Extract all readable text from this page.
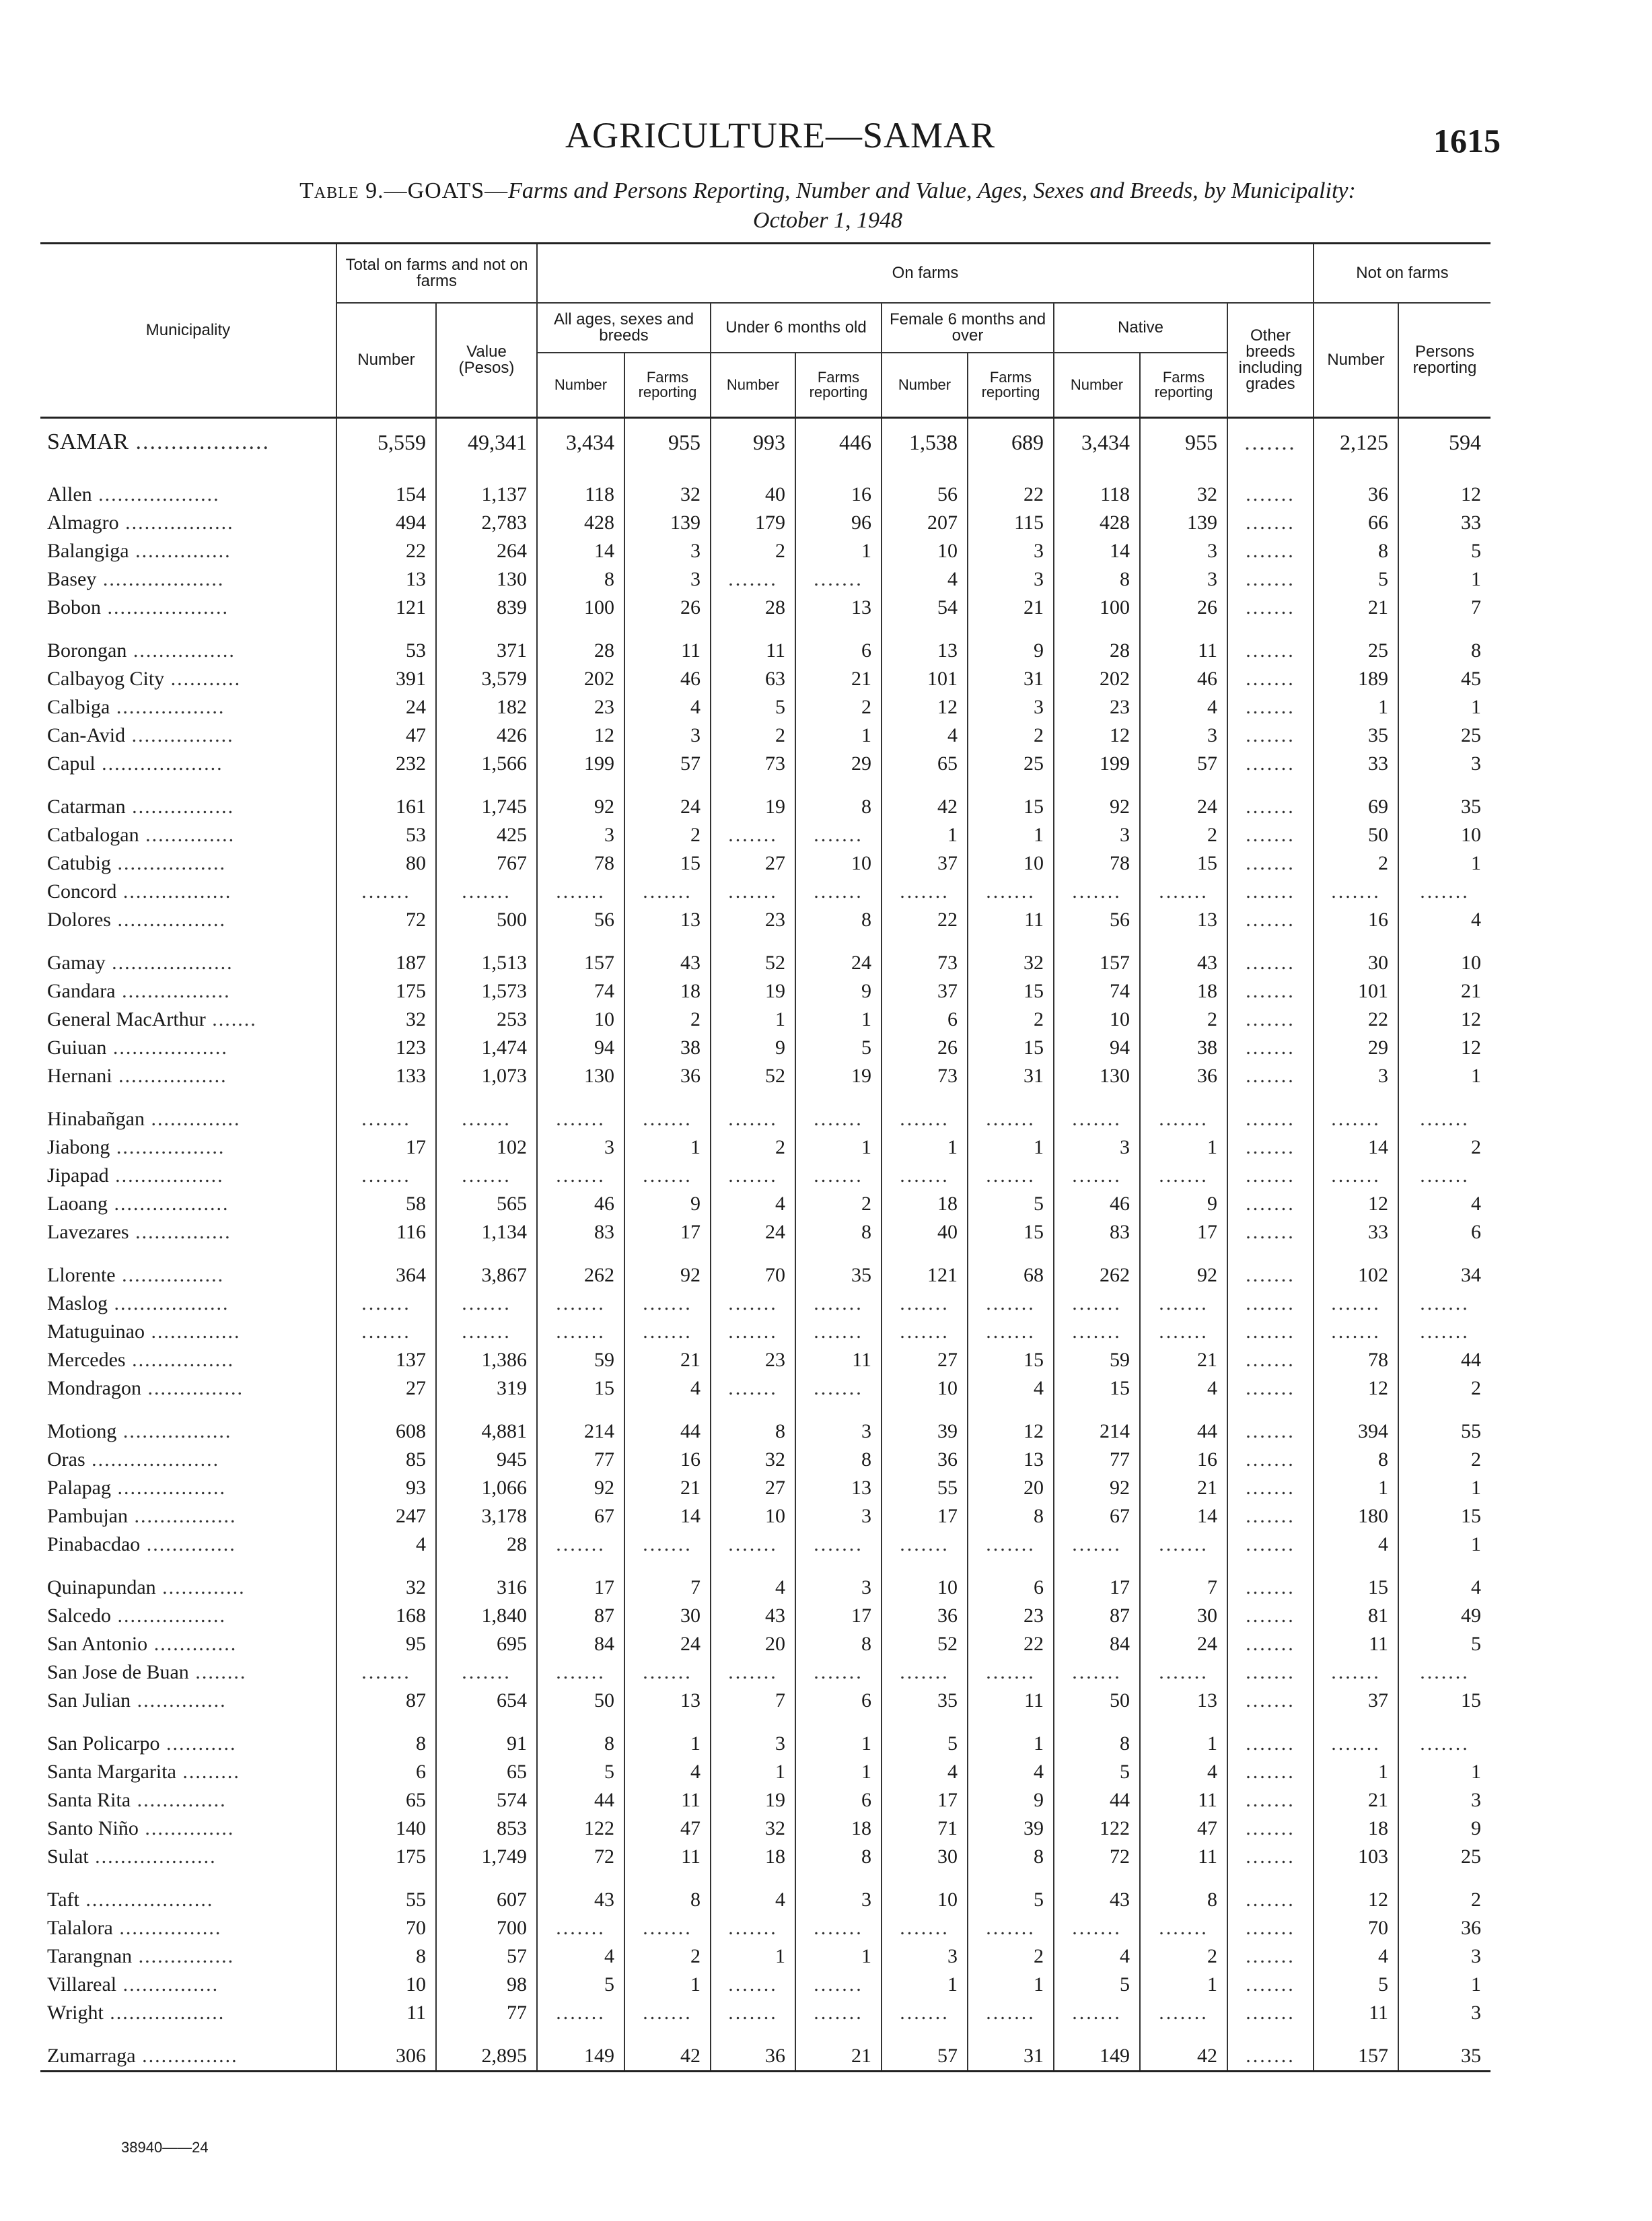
AGRICULTURE—SAMAR	1615
Table 9.—GOATS—Farms and Persons Reporting, Number and Value, Ages, Sexes and Breeds, by Municipality:
October 1, 1948
Municipality	Total on farms and not on farms		On farms									Not on farms	
	Number	Value (Pesos)	All ages, sexes and breeds		Under 6 months old		Female 6 months and over		Native		Other breeds including grades	Number	Persons reporting
			Number	Farms reporting	Number	Farms reporting	Number	Farms reporting	Number	Farms reporting			
SAMAR ...................	5,559	49,341	3,434	955	993	446	1,538	689	3,434	955	.......	2,125	594

Allen ...................	154	1,137	118	32	40	16	56	22	118	32	.......	36	12
Almagro .................	494	2,783	428	139	179	96	207	115	428	139	.......	66	33
Balangiga ...............	22	264	14	3	2	1	10	3	14	3	.......	8	5
Basey ...................	13	130	8	3	.......	.......	4	3	8	3	.......	5	1
Bobon ...................	121	839	100	26	28	13	54	21	100	26	.......	21	7

Borongan ................	53	371	28	11	11	6	13	9	28	11	.......	25	8
Calbayog City ...........	391	3,579	202	46	63	21	101	31	202	46	.......	189	45
Calbiga .................	24	182	23	4	5	2	12	3	23	4	.......	1	1
Can-Avid ................	47	426	12	3	2	1	4	2	12	3	.......	35	25
Capul ...................	232	1,566	199	57	73	29	65	25	199	57	.......	33	3

Catarman ................	161	1,745	92	24	19	8	42	15	92	24	.......	69	35
Catbalogan ..............	53	425	3	2	.......	.......	1	1	3	2	.......	50	10
Catubig .................	80	767	78	15	27	10	37	10	78	15	.......	2	1
Concord .................	.......	.......	.......	.......	.......	.......	.......	.......	.......	.......	.......	.......	.......
Dolores .................	72	500	56	13	23	8	22	11	56	13	.......	16	4

Gamay ...................	187	1,513	157	43	52	24	73	32	157	43	.......	30	10
Gandara .................	175	1,573	74	18	19	9	37	15	74	18	.......	101	21
General MacArthur .......	32	253	10	2	1	1	6	2	10	2	.......	22	12
Guiuan ..................	123	1,474	94	38	9	5	26	15	94	38	.......	29	12
Hernani .................	133	1,073	130	36	52	19	73	31	130	36	.......	3	1

Hinabañgan ..............	.......	.......	.......	.......	.......	.......	.......	.......	.......	.......	.......	.......	.......
Jiabong .................	17	102	3	1	2	1	1	1	3	1	.......	14	2
Jipapad .................	.......	.......	.......	.......	.......	.......	.......	.......	.......	.......	.......	.......	.......
Laoang ..................	58	565	46	9	4	2	18	5	46	9	.......	12	4
Lavezares ...............	116	1,134	83	17	24	8	40	15	83	17	.......	33	6

Llorente ................	364	3,867	262	92	70	35	121	68	262	92	.......	102	34
Maslog ..................	.......	.......	.......	.......	.......	.......	.......	.......	.......	.......	.......	.......	.......
Matuguinao ..............	.......	.......	.......	.......	.......	.......	.......	.......	.......	.......	.......	.......	.......
Mercedes ................	137	1,386	59	21	23	11	27	15	59	21	.......	78	44
Mondragon ...............	27	319	15	4	.......	.......	10	4	15	4	.......	12	2

Motiong .................	608	4,881	214	44	8	3	39	12	214	44	.......	394	55
Oras ....................	85	945	77	16	32	8	36	13	77	16	.......	8	2
Palapag .................	93	1,066	92	21	27	13	55	20	92	21	.......	1	1
Pambujan ................	247	3,178	67	14	10	3	17	8	67	14	.......	180	15
Pinabacdao ..............	4	28	.......	.......	.......	.......	.......	.......	.......	.......	.......	4	1

Quinapundan .............	32	316	17	7	4	3	10	6	17	7	.......	15	4
Salcedo .................	168	1,840	87	30	43	17	36	23	87	30	.......	81	49
San Antonio .............	95	695	84	24	20	8	52	22	84	24	.......	11	5
San Jose de Buan ........	.......	.......	.......	.......	.......	.......	.......	.......	.......	.......	.......	.......	.......
San Julian ..............	87	654	50	13	7	6	35	11	50	13	.......	37	15

San Policarpo ...........	8	91	8	1	3	1	5	1	8	1	.......	.......	.......
Santa Margarita .........	6	65	5	4	1	1	4	4	5	4	.......	1	1
Santa Rita ..............	65	574	44	11	19	6	17	9	44	11	.......	21	3
Santo Niño ..............	140	853	122	47	32	18	71	39	122	47	.......	18	9
Sulat ...................	175	1,749	72	11	18	8	30	8	72	11	.......	103	25

Taft ....................	55	607	43	8	4	3	10	5	43	8	.......	12	2
Talalora ................	70	700	.......	.......	.......	.......	.......	.......	.......	.......	.......	70	36
Tarangnan ...............	8	57	4	2	1	1	3	2	4	2	.......	4	3
Villareal ...............	10	98	5	1	.......	.......	1	1	5	1	.......	5	1
Wright ..................	11	77	.......	.......	.......	.......	.......	.......	.......	.......	.......	11	3

Zumarraga ...............	306	2,895	149	42	36	21	57	31	149	42	.......	157	35
38940——24
